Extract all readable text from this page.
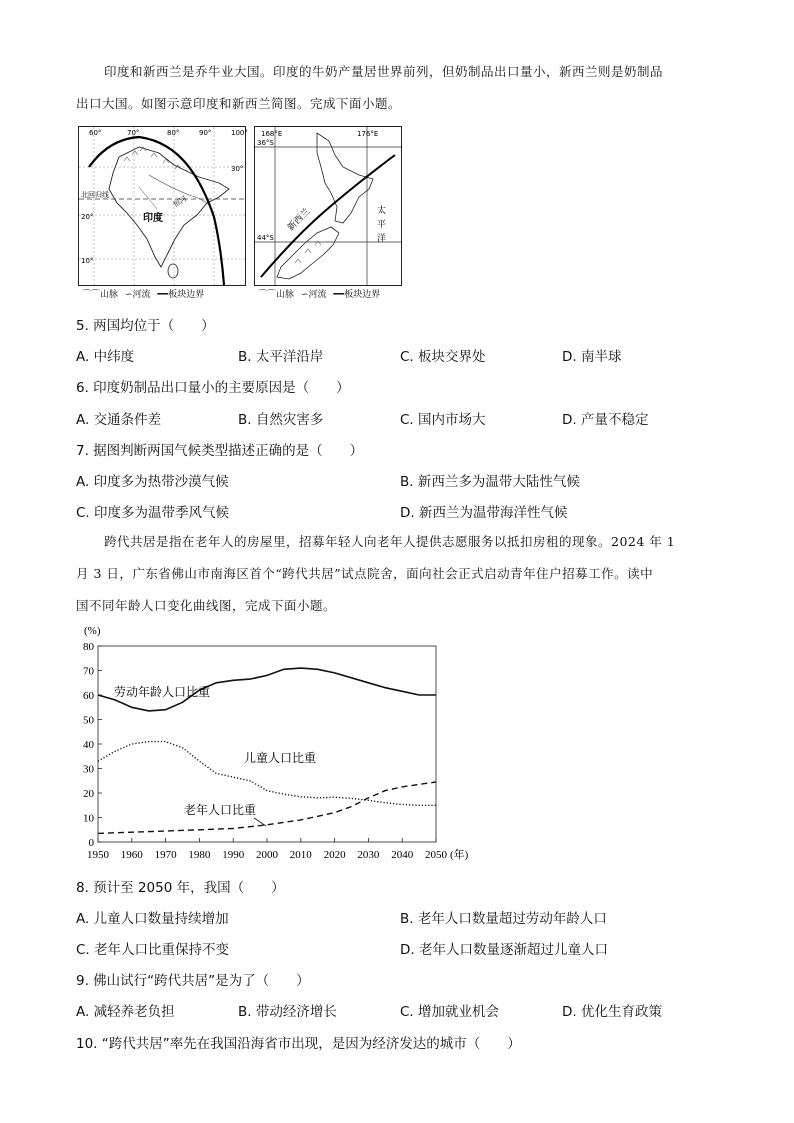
印度和新西兰是乔牛业大国。印度的牛奶产量居世界前列，但奶制品出口量小，新西兰则是奶制品
出口大国。如图示意印度和新西兰简图。完成下面小题。
60°	70°	80°	90°	100°
30°
20°
10°
北回归线
印度
恒河
168°E	176°E
36°S
44°S
新西兰	太
平
洋
⌒⌒山脉 ∽河流 ━━板块边界	⌒⌒山脉 ∽河流 ━━板块边界
5. 两国均位于（　　）
A. 中纬度	B. 太平洋沿岸	C. 板块交界处	D. 南半球
6. 印度奶制品出口量小的主要原因是（　　）
A. 交通条件差	B. 自然灾害多	C. 国内市场大	D. 产量不稳定
7. 据图判断两国气候类型描述正确的是（　　）
A. 印度多为热带沙漠气候	B. 新西兰多为温带大陆性气候
C. 印度多为温带季风气候	D. 新西兰为温带海洋性气候
跨代共居是指在老年人的房屋里，招募年轻人向老年人提供志愿服务以抵扣房租的现象。2024 年 1
月 3 日，广东省佛山市南海区首个“跨代共居”试点院舍，面向社会正式启动青年住户招募工作。读中
国不同年龄人口变化曲线图，完成下面小题。
0
10
20
30
40
50
60
70
80
1950 1960 1970 1980 1990 2000 2010 2020 2030 2040 2050
(%)
(年)
劳动年龄人口比重
儿童人口比重
老年人口比重
8. 预计至 2050 年，我国（　　）
A. 儿童人口数量持续增加	B. 老年人口数量超过劳动年龄人口
C. 老年人口比重保持不变	D. 老年人口数量逐渐超过儿童人口
9. 佛山试行“跨代共居”是为了（　　）
A. 减轻养老负担	B. 带动经济增长	C. 增加就业机会	D. 优化生育政策
10. “跨代共居”率先在我国沿海省市出现，是因为经济发达的城市（　　）
